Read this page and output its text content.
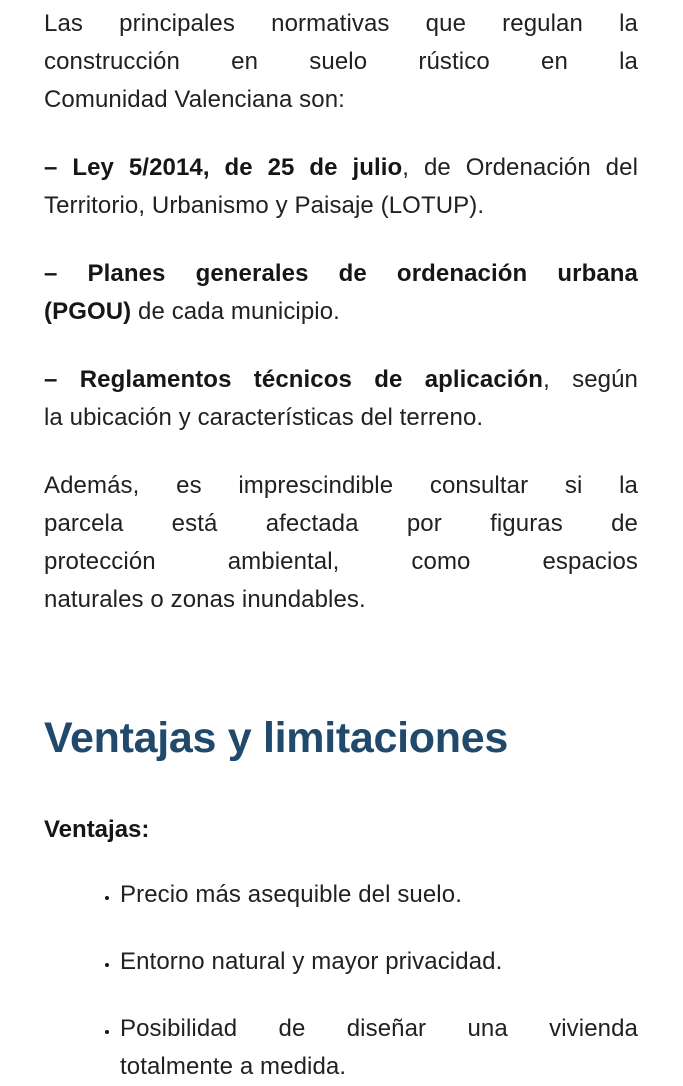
Las principales normativas que regulan la
construcción en suelo rústico en la
Comunidad Valenciana son:
– Ley 5/2014, de 25 de julio, de Ordenación del
Territorio, Urbanismo y Paisaje (LOTUP).
– Planes generales de ordenación urbana
(PGOU) de cada municipio.
– Reglamentos técnicos de aplicación, según
la ubicación y características del terreno.
Además, es imprescindible consultar si la
parcela está afectada por figuras de
protección ambiental, como espacios
naturales o zonas inundables.
Ventajas y limitaciones
Ventajas:
• Precio más asequible del suelo.
• Entorno natural y mayor privacidad.
• Posibilidad de diseñar una vivienda
totalmente a medida.
